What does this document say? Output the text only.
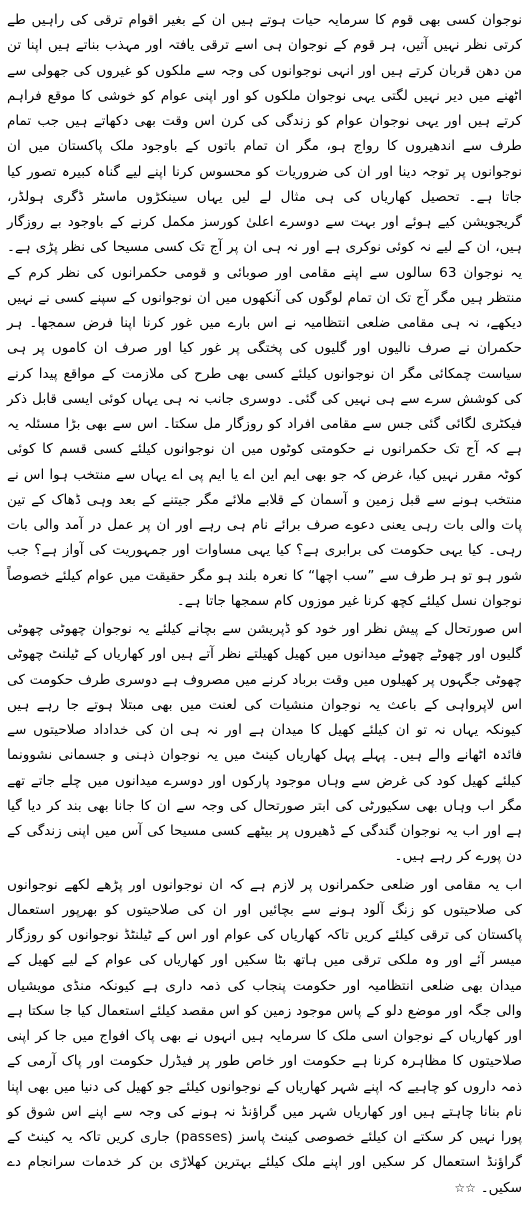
نوجوان کسی بھی قوم کا سرمایہ حیات ہوتے ہیں ان کے بغیر اقوام ترقی کی راہیں طے کرتی نظر نہیں آتیں، ہر قوم کے نوجوان ہی اسے ترقی یافتہ اور مہذب بناتے ہیں اپنا تن من دھن قربان کرتے ہیں اور انہی نوجوانوں کی وجہ سے ملکوں کو غیروں کی جھولی سے اٹھنے میں دیر نہیں لگتی یہی نوجوان ملکوں کو اور اپنی عوام کو خوشی کا موقع فراہم کرتے ہیں اور یہی نوجوان عوام کو زندگی کی کرن اس وقت بھی دکھاتے ہیں جب تمام طرف سے اندھیروں کا رواج ہو، مگر ان تمام باتوں کے باوجود ملک پاکستان میں ان نوجوانوں پر توجہ دینا اور ان کی ضروریات کو محسوس کرنا اپنے لیے گناہ کبیرہ تصور کیا جاتا ہے۔ تحصیل کھاریاں کی ہی مثال لے لیں یہاں سینکڑوں ماسٹر ڈگری ہولڈر، گریجویشن کیے ہوئے اور بہت سے دوسرے اعلیٰ کورسز مکمل کرنے کے باوجود بے روزگار ہیں، ان کے لیے نہ کوئی نوکری ہے اور نہ ہی ان پر آج تک کسی مسیحا کی نظر پڑی ہے۔ یہ نوجوان 63 سالوں سے اپنے مقامی اور صوبائی و قومی حکمرانوں کی نظر کرم کے منتظر ہیں مگر آج تک ان تمام لوگوں کی آنکھوں میں ان نوجوانوں کے سپنے کسی نے نہیں دیکھے، نہ ہی مقامی ضلعی انتظامیہ نے اس بارے میں غور کرنا اپنا فرض سمجھا۔ ہر حکمران نے صرف نالیوں اور گلیوں کی پختگی پر غور کیا اور صرف ان کاموں پر ہی سیاست چمکائی مگر ان نوجوانوں کیلئے کسی بھی طرح کی ملازمت کے مواقع پیدا کرنے کی کوشش سرے سے ہی نہیں کی گئی۔ دوسری جانب نہ ہی یہاں کوئی ایسی قابل ذکر فیکٹری لگائی گئی جس سے مقامی افراد کو روزگار مل سکتا۔ اس سے بھی بڑا مسئلہ یہ ہے کہ آج تک حکمرانوں نے حکومتی کوٹوں میں ان نوجوانوں کیلئے کسی قسم کا کوئی کوٹہ مقرر نہیں کیا، غرض کہ جو بھی ایم این اے یا ایم پی اے یہاں سے منتخب ہوا اس نے منتخب ہونے سے قبل زمین و آسمان کے قلابے ملائے مگر جیتنے کے بعد وہی ڈھاک کے تین پات والی بات رہی یعنی دعوے صرف برائے نام ہی رہے اور ان پر عمل در آمد والی بات رہی۔ کیا یہی حکومت کی برابری ہے؟ کیا یہی مساوات اور جمہوریت کی آواز ہے؟ جب شور ہو تو ہر طرف سے ”سب اچھا“ کا نعرہ بلند ہو مگر حقیقت میں عوام کیلئے خصوصاً نوجوان نسل کیلئے کچھ کرنا غیر موزوں کام سمجھا جاتا ہے۔

اس صورتحال کے پیش نظر اور خود کو ڈپریشن سے بچانے کیلئے یہ نوجوان چھوٹی چھوٹی گلیوں اور چھوٹے چھوٹے میدانوں میں کھیل کھیلتے نظر آتے ہیں اور کھاریاں کے ٹیلنٹ چھوٹی چھوٹی جگہوں پر کھیلوں میں وقت برباد کرنے میں مصروف ہے دوسری طرف حکومت کی اس لاپرواہی کے باعث یہ نوجوان منشیات کی لعنت میں بھی مبتلا ہوتے جا رہے ہیں کیونکہ یہاں نہ تو ان کیلئے کھیل کا میدان ہے اور نہ ہی ان کی خداداد صلاحیتوں سے فائدہ اٹھانے والے ہیں۔ پہلے پہل کھاریاں کینٹ میں یہ نوجوان ذہنی و جسمانی نشوونما کیلئے کھیل کود کی غرض سے وہاں موجود پارکوں اور دوسرے میدانوں میں چلے جاتے تھے مگر اب وہاں بھی سکیورٹی کی ابتر صورتحال کی وجہ سے ان کا جانا بھی بند کر دیا گیا ہے اور اب یہ نوجوان گندگی کے ڈھیروں پر بیٹھے کسی مسیحا کی آس میں اپنی زندگی کے دن پورے کر رہے ہیں۔

اب یہ مقامی اور ضلعی حکمرانوں پر لازم ہے کہ ان نوجوانوں اور پڑھے لکھے نوجوانوں کی صلاحیتوں کو زنگ آلود ہونے سے بچائیں اور ان کی صلاحیتوں کو بھرپور استعمال پاکستان کی ترقی کیلئے کریں تاکہ کھاریاں کی عوام اور اس کے ٹیلنٹڈ نوجوانوں کو روزگار میسر آئے اور وہ ملکی ترقی میں ہاتھ بٹا سکیں اور کھاریاں کی عوام کے لیے کھیل کے میدان بھی ضلعی انتظامیہ اور حکومت پنجاب کی ذمہ داری ہے کیونکہ منڈی مویشیاں والی جگہ اور موضع دلو کے پاس موجود زمین کو اس مقصد کیلئے استعمال کیا جا سکتا ہے اور کھاریاں کے نوجوان اسی ملک کا سرمایہ ہیں انہوں نے بھی پاک افواج میں جا کر اپنی صلاحیتوں کا مظاہرہ کرنا ہے حکومت اور خاص طور پر فیڈرل حکومت اور پاک آرمی کے ذمہ داروں کو چاہیے کہ اپنے شہر کھاریاں کے نوجوانوں کیلئے جو کھیل کی دنیا میں بھی اپنا نام بنانا چاہتے ہیں اور کھاریاں شہر میں گراؤنڈ نہ ہونے کی وجہ سے اپنے اس شوق کو پورا نہیں کر سکتے ان کیلئے خصوصی کینٹ پاسز (passes) جاری کریں تاکہ یہ کینٹ کے گراؤنڈ استعمال کر سکیں اور اپنے ملک کیلئے بہترین کھلاڑی بن کر خدمات سرانجام دے سکیں۔ ☆☆
